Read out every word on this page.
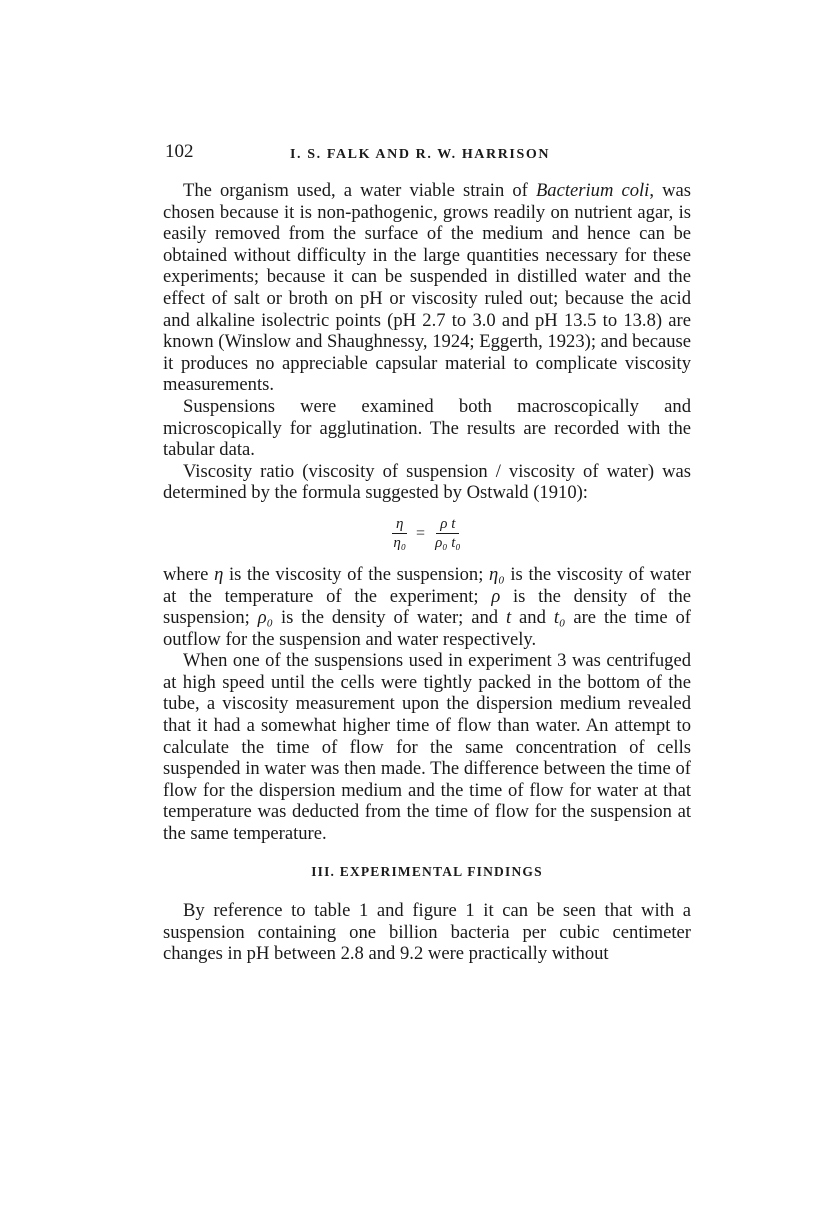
102	I. S. FALK AND R. W. HARRISON

The organism used, a water viable strain of Bacterium coli, was chosen because it is non-pathogenic, grows readily on nutrient agar, is easily removed from the surface of the medium and hence can be obtained without difficulty in the large quantities necessary for these experiments; because it can be suspended in distilled water and the effect of salt or broth on pH or viscosity ruled out; because the acid and alkaline isolectric points (pH 2.7 to 3.0 and pH 13.5 to 13.8) are known (Winslow and Shaughnessy, 1924; Eggerth, 1923); and because it produces no appreciable capsular material to complicate viscosity measurements.

Suspensions were examined both macroscopically and microscopically for agglutination. The results are recorded with the tabular data.

Viscosity ratio (viscosity of suspension / viscosity of water) was determined by the formula suggested by Ostwald (1910):

$\frac{\eta}{\text{η₀}} = \frac{\text{ρ t}}{\text{ρ₀ t₀}}$

where η is the viscosity of the suspension; η₀ is the viscosity of water at the temperature of the experiment; ρ is the density of the suspension; ρ₀ is the density of water; and t and t₀ are the time of outflow for the suspension and water respectively.

When one of the suspensions used in experiment 3 was centrifuged at high speed until the cells were tightly packed in the bottom of the tube, a viscosity measurement upon the dispersion medium revealed that it had a somewhat higher time of flow than water. An attempt to calculate the time of flow for the same concentration of cells suspended in water was then made. The difference between the time of flow for the dispersion medium and the time of flow for water at that temperature was deducted from the time of flow for the suspension at the same temperature.

III. EXPERIMENTAL FINDINGS

By reference to table 1 and figure 1 it can be seen that with a suspension containing one billion bacteria per cubic centimeter changes in pH between 2.8 and 9.2 were practically without
